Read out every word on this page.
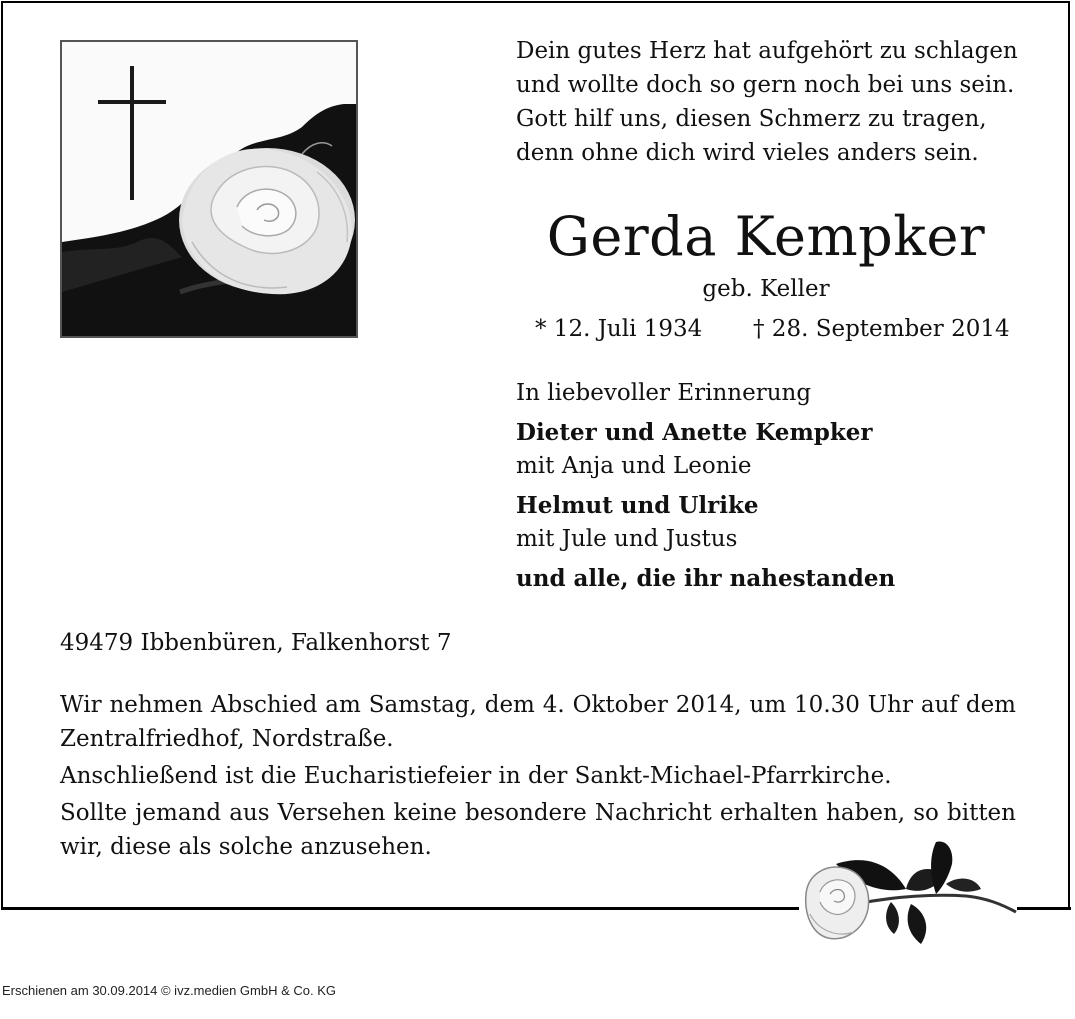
Dein gutes Herz hat aufgehört zu schlagen
und wollte doch so gern noch bei uns sein.
Gott hilf uns, diesen Schmerz zu tragen,
denn ohne dich wird vieles anders sein.
Gerda Kempker
geb. Keller
* 12. Juli 1934 † 28. September 2014
In liebevoller Erinnerung
Dieter und Anette Kempker
mit Anja und Leonie
Helmut und Ulrike
mit Jule und Justus
und alle, die ihr nahestanden
49479 Ibbenbüren, Falkenhorst 7

Wir nehmen Abschied am Samstag, dem 4. Oktober 2014, um 10.30 Uhr auf dem Zentralfriedhof, Nordstraße.

Anschließend ist die Eucharistiefeier in der Sankt-Michael-Pfarrkirche.

Sollte jemand aus Versehen keine besondere Nachricht erhalten haben, so bitten wir, diese als solche anzusehen.

Erschienen am 30.09.2014 © ivz.medien GmbH & Co. KG
